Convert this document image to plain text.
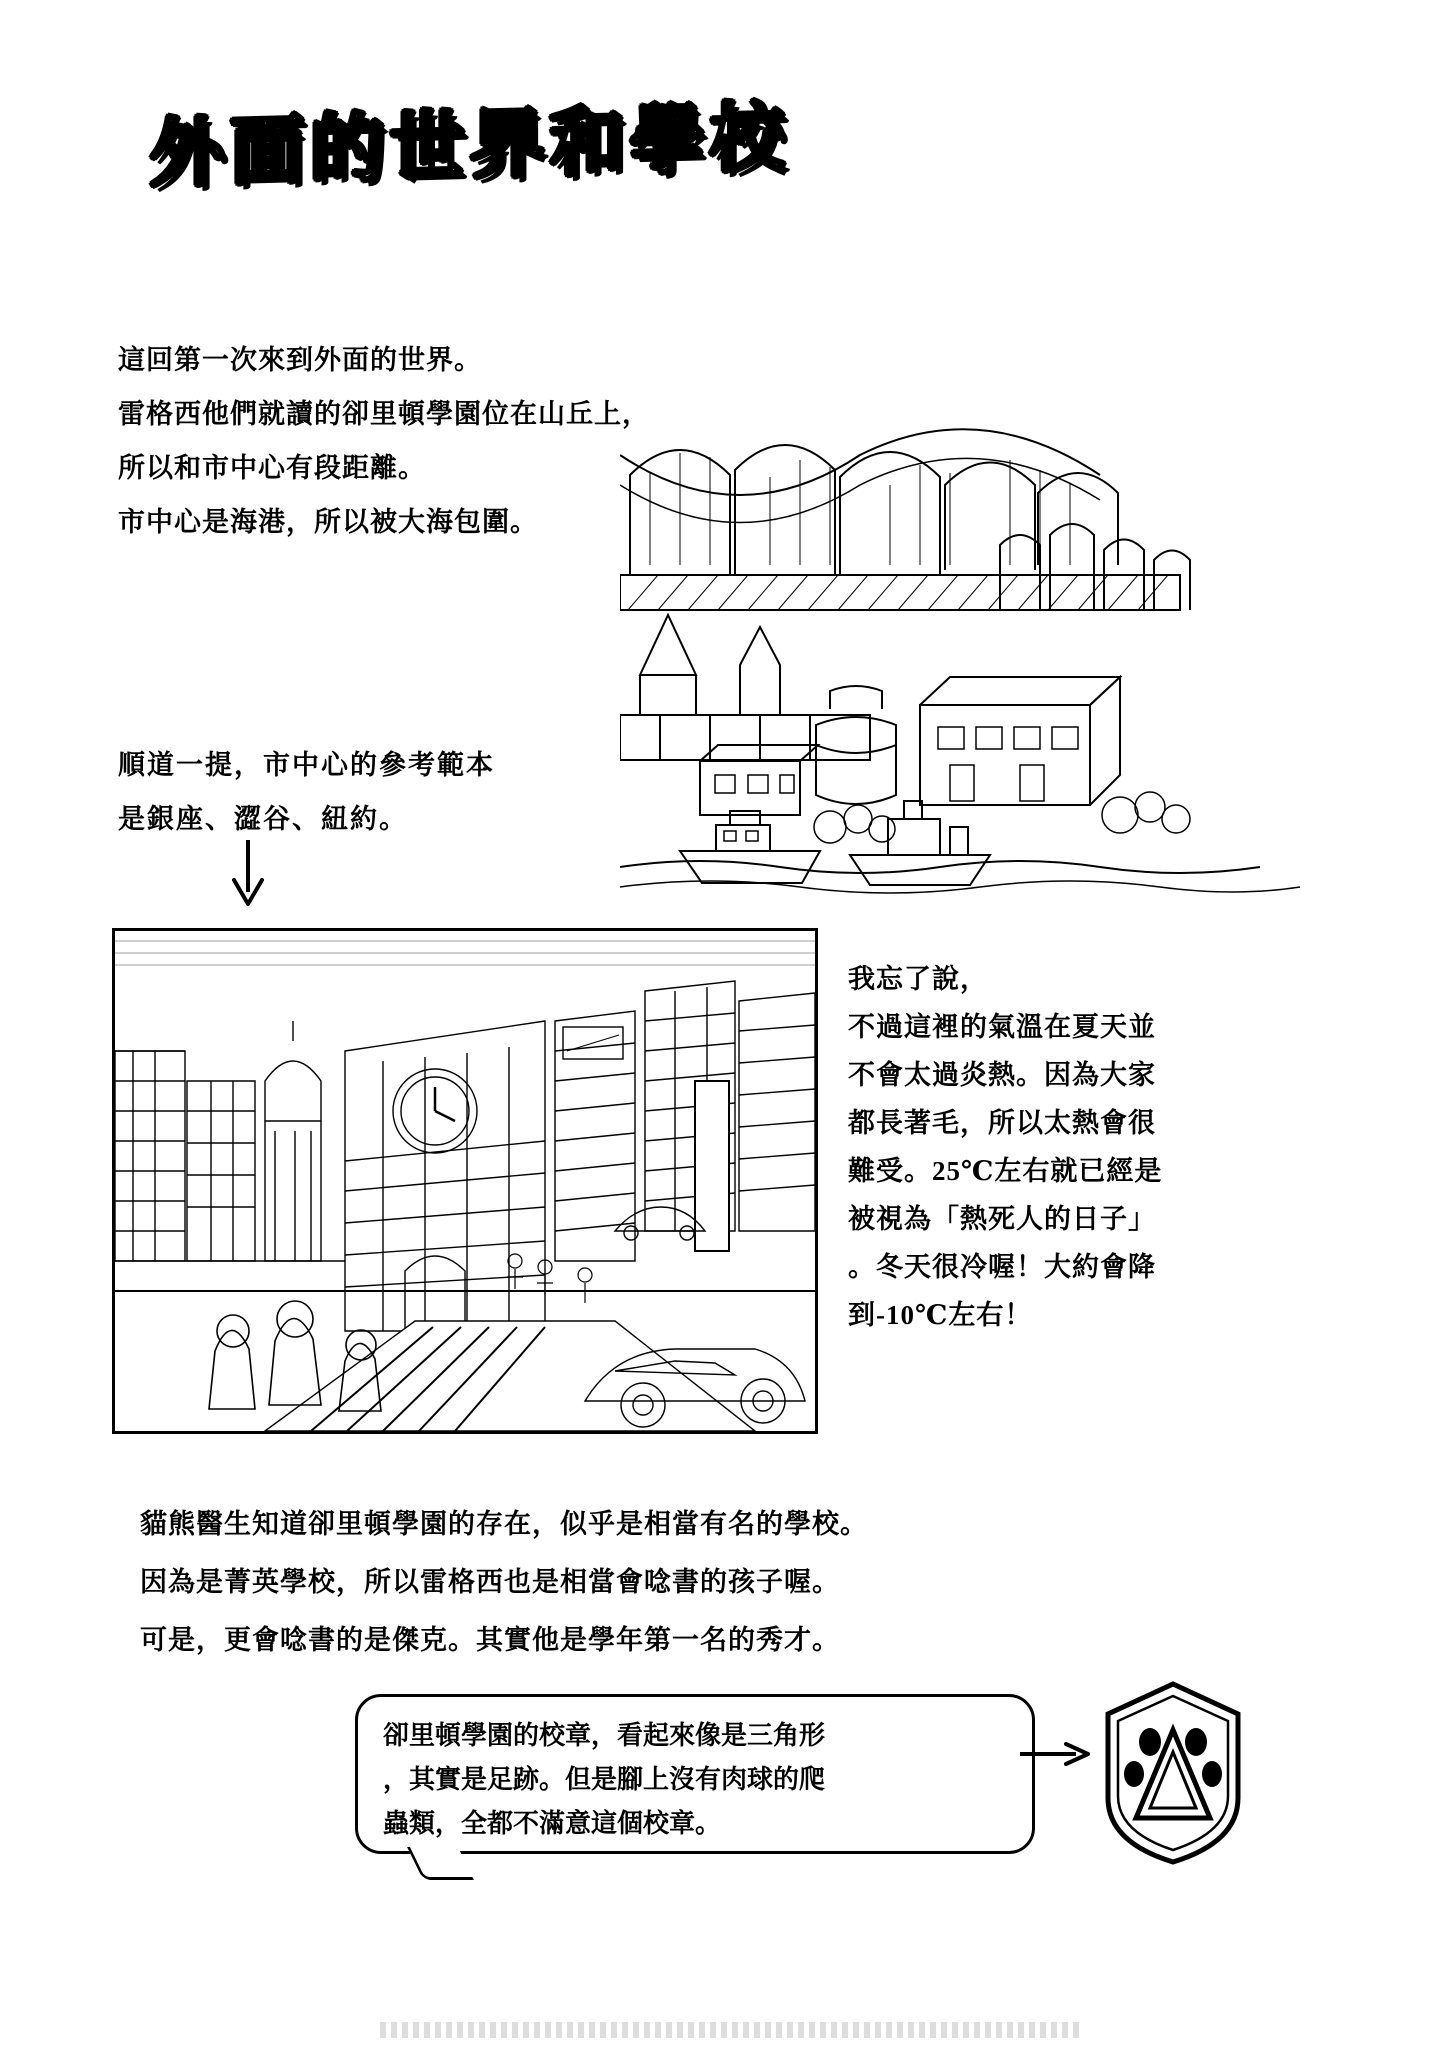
外面的世界和學校
這回第一次來到外面的世界。
雷格西他們就讀的卻里頓學園位在山丘上，
所以和市中心有段距離。
市中心是海港，所以被大海包圍。
順道一提，市中心的參考範本
是銀座、澀谷、紐約。
我忘了說，
不過這裡的氣溫在夏天並
不會太過炎熱。因為大家
都長著毛，所以太熱會很
難受。25℃左右就已經是
被視為「熱死人的日子」
。冬天很冷喔！大約會降
到-10℃左右！
貓熊醫生知道卻里頓學園的存在，似乎是相當有名的學校。
因為是菁英學校，所以雷格西也是相當會唸書的孩子喔。
可是，更會唸書的是傑克。其實他是學年第一名的秀才。
卻里頓學園的校章，看起來像是三角形
，其實是足跡。但是腳上沒有肉球的爬
蟲類，全都不滿意這個校章。
